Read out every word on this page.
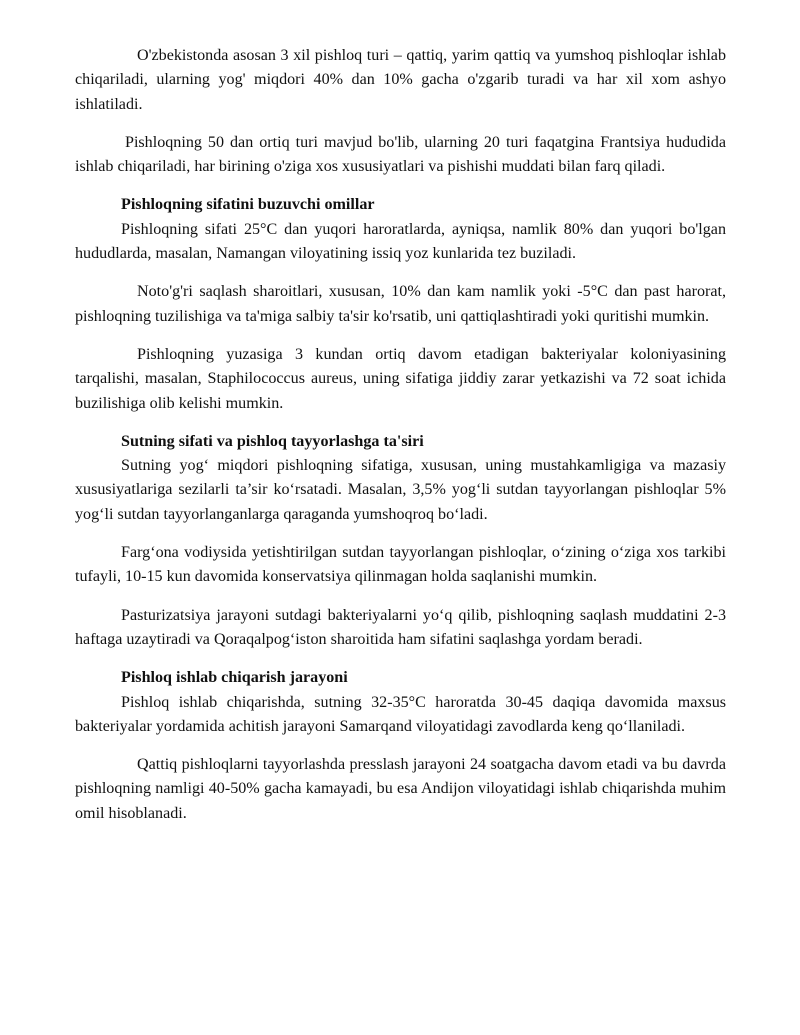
O'zbekistonda asosan 3 xil pishloq turi – qattiq, yarim qattiq va yumshoq pishloqlar ishlab chiqariladi, ularning yog' miqdori 40% dan 10% gacha o'zgarib turadi va har xil xom ashyo ishlatiladi.

Pishloqning 50 dan ortiq turi mavjud bo'lib, ularning 20 turi faqatgina Frantsiya hududida ishlab chiqariladi, har birining o'ziga xos xususiyatlari va pishishi muddati bilan farq qiladi.

Pishloqning sifatini buzuvchi omillar

Pishloqning sifati 25°C dan yuqori haroratlarda, ayniqsa, namlik 80% dan yuqori bo'lgan hududlarda, masalan, Namangan viloyatining issiq yoz kunlarida tez buziladi.

Noto'g'ri saqlash sharoitlari, xususan, 10% dan kam namlik yoki -5°C dan past harorat, pishloqning tuzilishiga va ta'miga salbiy ta'sir ko'rsatib, uni qattiqlashtiradi yoki quritishi mumkin.

Pishloqning yuzasiga 3 kundan ortiq davom etadigan bakteriyalar koloniyasining tarqalishi, masalan, Staphilococcus aureus, uning sifatiga jiddiy zarar yetkazishi va 72 soat ichida buzilishiga olib kelishi mumkin.

Sutning sifati va pishloq tayyorlashga ta'siri

Sutning yog‘ miqdori pishloqning sifatiga, xususan, uning mustahkamligiga va mazasiy xususiyatlariga sezilarli ta’sir ko‘rsatadi. Masalan, 3,5% yog‘li sutdan tayyorlangan pishloqlar 5% yog‘li sutdan tayyorlanganlarga qaraganda yumshoqroq bo‘ladi.

Farg‘ona vodiysida yetishtirilgan sutdan tayyorlangan pishloqlar, o‘zining o‘ziga xos tarkibi tufayli, 10-15 kun davomida konservatsiya qilinmagan holda saqlanishi mumkin.

Pasturizatsiya jarayoni sutdagi bakteriyalarni yo‘q qilib, pishloqning saqlash muddatini 2-3 haftaga uzaytiradi va Qoraqalpog‘iston sharoitida ham sifatini saqlashga yordam beradi.

Pishloq ishlab chiqarish jarayoni

Pishloq ishlab chiqarishda, sutning 32-35°C haroratda 30-45 daqiqa davomida maxsus bakteriyalar yordamida achitish jarayoni Samarqand viloyatidagi zavodlarda keng qo‘llaniladi.

Qattiq pishloqlarni tayyorlashda presslash jarayoni 24 soatgacha davom etadi va bu davrda pishloqning namligi 40-50% gacha kamayadi, bu esa Andijon viloyatidagi ishlab chiqarishda muhim omil hisoblanadi.
